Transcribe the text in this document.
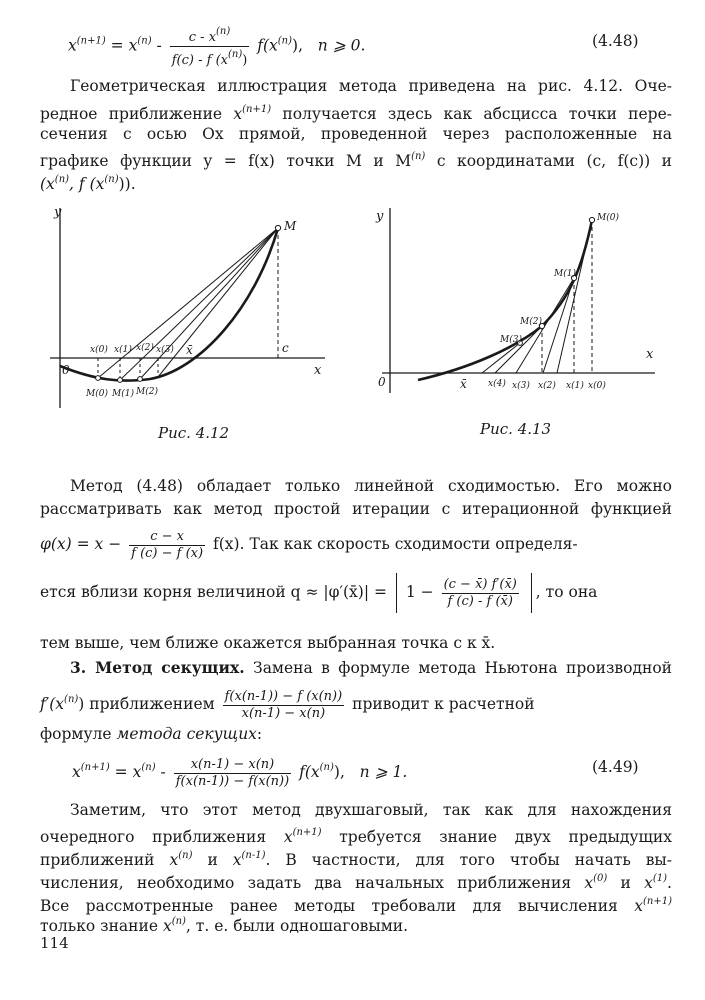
$x^{(n+1)} = x^{(n)} - \frac{c - x^{(n)}}{f(c) - f (x^{(n)})} f(x^{(n)})$, n ⩾ 0.	(4.48)
Геометрическая иллюстрация метода приведена на рис. 4.12. Оче-
редное приближение $x^{(n+1)}$ получается здесь как абсцисса точки пере-
сечения с осью Ox прямой, проведенной через расположенные на
графике функции y = f(x) точки M и $M^{(n)}$ с координатами (c, f(c)) и
($x^{(n)}$, f $(x^{(n)})$).
y
x
0
M
c
x̄
x(0) x(1) x(2) x(3)
M(0) M(1) M(2)
Рис. 4.12
y
x
0
M(0)
M(1)
M(2)
M(3)
x̄ x(4) x(3) x(2) x(1) x(0)
Рис. 4.13
Метод (4.48) обладает только линейной сходимостью. Его можно
рассматривать как метод простой итерации с итерационной функцией
$\varphi(x) = x - \frac{c - x}{f (c) - f (x)} f(x)$. Так как скорость сходимости определя-
ется вблизи корня величиной q ≈ |φ′(x̄)| = $1 - \frac{(c - x̄) f'(x̄)}{f (c) - f (x̄)}$ , то она
тем выше, чем ближе окажется выбранная точка c к x̄.
3. Метод секущих. Замена в формуле метода Ньютона производной
$f'(x^{(n)})$ приближением $\frac{f(x(n-1)) - f (x(n))}{x(n-1) - x(n)}$ приводит к расчетной
формуле метода секущих:
$x^{(n+1)} = x^{(n)} - \frac{x(n-1) - x(n)}{f(x(n-1)) - f(x(n))} f(x^{(n)})$, n ⩾ 1.	(4.49)
Заметим, что этот метод двухшаговый, так как для нахождения
очередного приближения $x^{(n+1)}$ требуется знание двух предыдущих
приближений $x^{(n)}$ и $x^{(n-1)}$. В частности, для того чтобы начать вы-
числения, необходимо задать два начальных приближения $x^{(0)}$ и $x^{(1)}$.
Все рассмотренные ранее методы требовали для вычисления $x^{(n+1)}$
только знание $x^{(n)}$, т. е. были одношаговыми.
114
